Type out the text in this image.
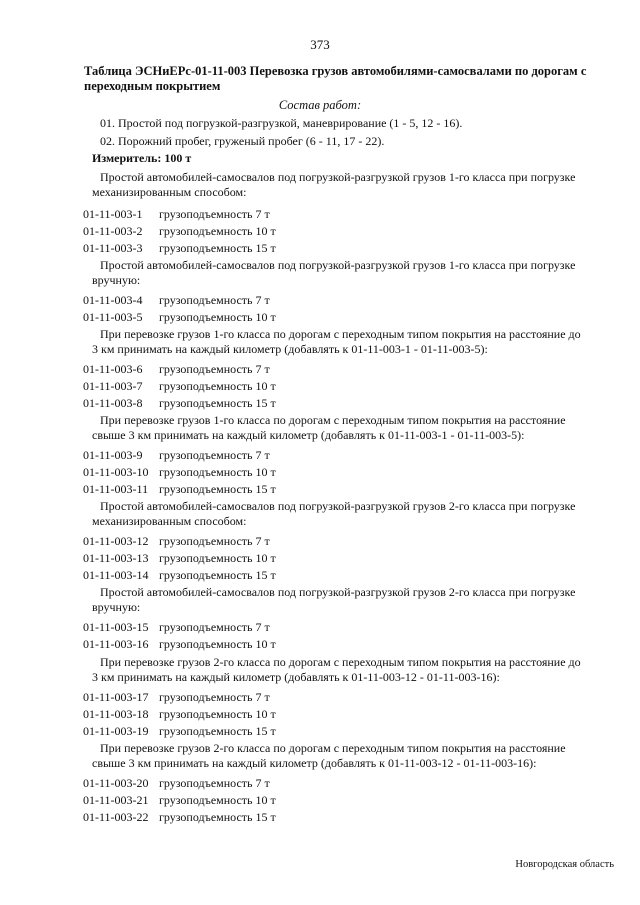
373
Таблица ЭСНиЕРс-01-11-003 Перевозка грузов автомобилями-самосвалами по дорогам с переходным покрытием
Состав работ:
01. Простой под погрузкой-разгрузкой, маневрирование (1 - 5, 12 - 16).
02. Порожний пробег, груженый пробег (6 - 11, 17 - 22).
Измеритель: 100 т
Простой автомобилей-самосвалов под погрузкой-разгрузкой грузов 1-го класса при погрузке
механизированным способом:
01-11-003-1 грузоподъемность 7 т
01-11-003-2 грузоподъемность 10 т
01-11-003-3 грузоподъемность 15 т
Простой автомобилей-самосвалов под погрузкой-разгрузкой грузов 1-го класса при погрузке
вручную:
01-11-003-4 грузоподъемность 7 т
01-11-003-5 грузоподъемность 10 т
При перевозке грузов 1-го класса по дорогам с переходным типом покрытия на расстояние до
3 км принимать на каждый километр (добавлять к 01-11-003-1 - 01-11-003-5):
01-11-003-6 грузоподъемность 7 т
01-11-003-7 грузоподъемность 10 т
01-11-003-8 грузоподъемность 15 т
При перевозке грузов 1-го класса по дорогам с переходным типом покрытия на расстояние
свыше 3 км принимать на каждый километр (добавлять к 01-11-003-1 - 01-11-003-5):
01-11-003-9 грузоподъемность 7 т
01-11-003-10 грузоподъемность 10 т
01-11-003-11 грузоподъемность 15 т
Простой автомобилей-самосвалов под погрузкой-разгрузкой грузов 2-го класса при погрузке
механизированным способом:
01-11-003-12 грузоподъемность 7 т
01-11-003-13 грузоподъемность 10 т
01-11-003-14 грузоподъемность 15 т
Простой автомобилей-самосвалов под погрузкой-разгрузкой грузов 2-го класса при погрузке
вручную:
01-11-003-15 грузоподъемность 7 т
01-11-003-16 грузоподъемность 10 т
При перевозке грузов 2-го класса по дорогам с переходным типом покрытия на расстояние до
3 км принимать на каждый километр (добавлять к 01-11-003-12 - 01-11-003-16):
01-11-003-17 грузоподъемность 7 т
01-11-003-18 грузоподъемность 10 т
01-11-003-19 грузоподъемность 15 т
При перевозке грузов 2-го класса по дорогам с переходным типом покрытия на расстояние
свыше 3 км принимать на каждый километр (добавлять к 01-11-003-12 - 01-11-003-16):
01-11-003-20 грузоподъемность 7 т
01-11-003-21 грузоподъемность 10 т
01-11-003-22 грузоподъемность 15 т
Новгородская область
